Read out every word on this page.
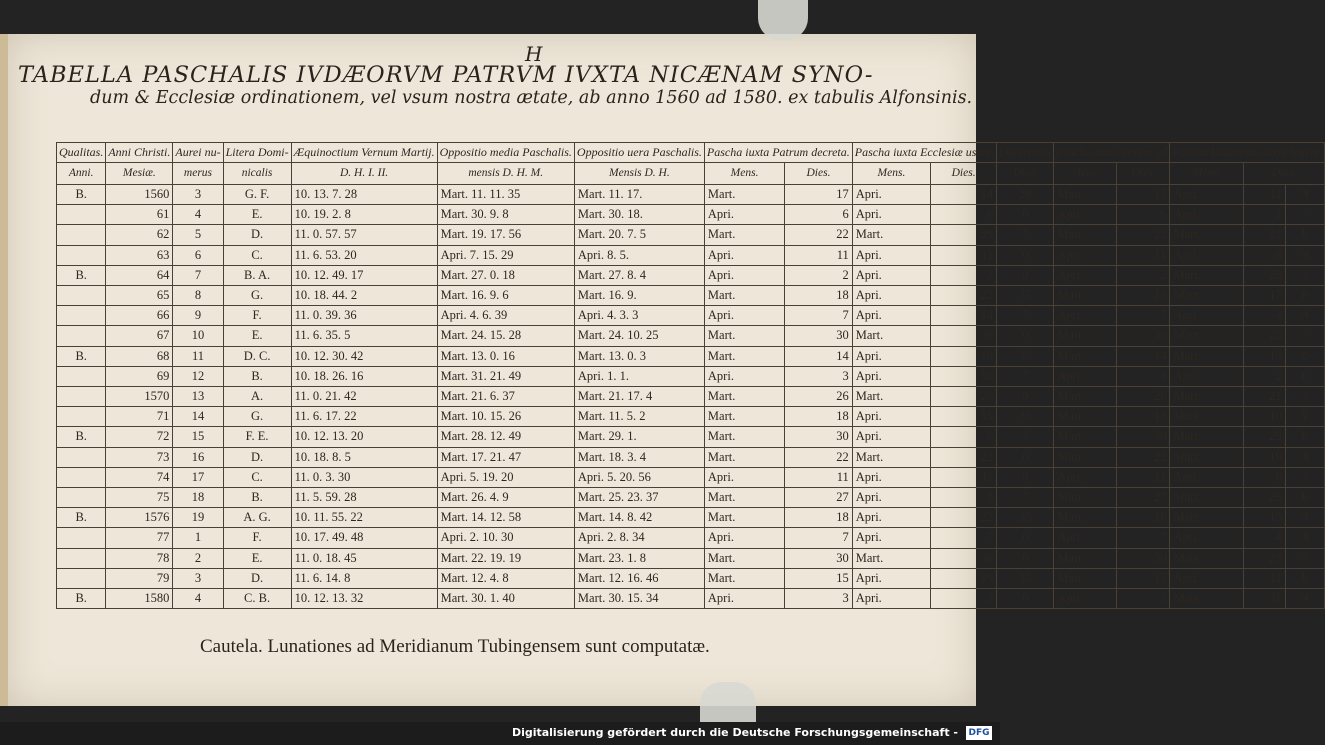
H
TABELLA PASCHALIS IVDÆORVM PATRVM IVXTA NICÆNAM SYNO-
dum & Ecclesiæ ordinationem, vel vsum nostra ætate, ab anno 1560 ad 1580. ex tabulis Alfonsinis.
Qualitas.	Anni Christi.	Aurei nu-	Litera Domi-	Æquinoctium Vernum Martij.	Oppositio media Paschalis.	Oppositio uera Paschalis.	Pascha iuxta Patrum decreta.		Pascha iuxta Ecclesiæ usum.		Differentia	Pascha iuxta ueram ☍		Pascha Iudæorum iuxta legem.		
Anni.	Mesiæ.	merus	nicalis	D. H. I. II.	mensis D. H. M.	Mensis D. H.	Mens.	Dies.	Mens.	Dies.	Dies.	Mens.	Dies.	Mens.	Dies.	
B.	1560	3	G. F.	10. 13. 7. 28	Mart. 11. 11. 35	Mart. 11. 17.	Mart.	17	Apri.	14	28	Mart.	17	Apri.	11	♃
	61	4	E.	10. 19. 2. 8	Mart. 30. 9. 8	Mart. 30. 18.	Apri.	6	Apri.	6	0	Apri.	6	Apri.	1	♂
	62	5	D.	11. 0. 57. 57	Mart. 19. 17. 56	Mart. 20. 7. 5	Mart.	22	Mart.	29	7	Mart.	22	Mart.	21	♄
	63	6	C.	11. 6. 53. 20	Apri. 7. 15. 29	Apri. 8. 5.	Apri.	11	Apri.	11	0	Apri.	11	Apri.	8	♃
B.	64	7	B. A.	10. 12. 49. 17	Mart. 27. 0. 18	Mart. 27. 8. 4	Apri.	2	Apri.	2	0	Apri.	2	Mart.	28	♂
	65	8	G.	10. 18. 44. 2	Mart. 16. 9. 6	Mart. 16. 9.	Mart.	18	Apri.	22	35	Mart.	18	Mart.	17	♄
	66	9	F.	11. 0. 39. 36	Apri. 4. 6. 39	Apri. 4. 3. 3	Apri.	7	Apri.	14	7	Apri.	7	Apri.	4	♃
	67	10	E.	11. 6. 35. 5	Mart. 24. 15. 28	Mart. 24. 10. 25	Mart.	30	Mart.	30	0	Mart.	30	Mart.	25	♂
B.	68	11	D. C.	10. 12. 30. 42	Mart. 13. 0. 16	Mart. 13. 0. 3	Mart.	14	Apri.	18	35	Mart.	14	Mart.	13	☿
	69	12	B.	10. 18. 26. 16	Mart. 31. 21. 49	Apri. 1. 1.	Apri.	3	Apri.	10	7	Apri.	3	Apri.	2	♄
	1570	13	A.	11. 0. 21. 42	Mart. 21. 6. 37	Mart. 21. 17. 4	Mart.	26	Mart.	26	0	Mart.	26	Mart.	21	♂
	71	14	G.	11. 6. 17. 22	Mart. 10. 15. 26	Mart. 11. 5. 2	Mart.	18	Apri.	15	35	Mart.	18	Mart.	10	☿
B.	72	15	F. E.	10. 12. 13. 20	Mart. 28. 12. 49	Mart. 29. 1.	Mart.	30	Apri.	6	7	Mart.	30	Mart.	29	♄
	73	16	D.	10. 18. 8. 5	Mart. 17. 21. 47	Mart. 18. 3. 4	Mart.	22	Mart.	22	0	Mart.	22	Mart.	19	♃
	74	17	C.	11. 0. 3. 30	Apri. 5. 19. 20	Apri. 5. 20. 56	Apri.	11	Apri.	11	0	Apri.	11	Apri.	6	♂
	75	18	B.	11. 5. 59. 28	Mart. 26. 4. 9	Mart. 25. 23. 37	Mart.	27	Apri.	3	7	Mart.	27	Mart.	26	♄
B.	1576	19	A. G.	10. 11. 55. 22	Mart. 14. 12. 58	Mart. 14. 8. 42	Mart.	18	Apri.	22	35	Mart.	18	Mart.	15	♃
	77	1	F.	10. 17. 49. 48	Apri. 2. 10. 30	Apri. 2. 8. 34	Apri.	7	Apri.	7	0	Apri.	7	Apri.	4	♃
	78	2	E.	11. 0. 18. 45	Mart. 22. 19. 19	Mart. 23. 1. 8	Mart.	30	Mart.	30	0	Mart.	30	Mart.	23	☉
	79	3	D.	11. 6. 14. 8	Mart. 12. 4. 8	Mart. 12. 16. 46	Mart.	15	Apri.	19	35	Mart.	15	Apri.	11	♄
B.	1580	4	C. B.	10. 12. 13. 32	Mart. 30. 1. 40	Mart. 30. 15. 34	Apri.	3	Apri.	3	0	Apri.	3	Mart.	31	♃
Cautela. Lunationes ad Meridianum Tubingensem sunt computatæ.
Digitalisierung gefördert durch die Deutsche Forschungsgemeinschaft - DFG
